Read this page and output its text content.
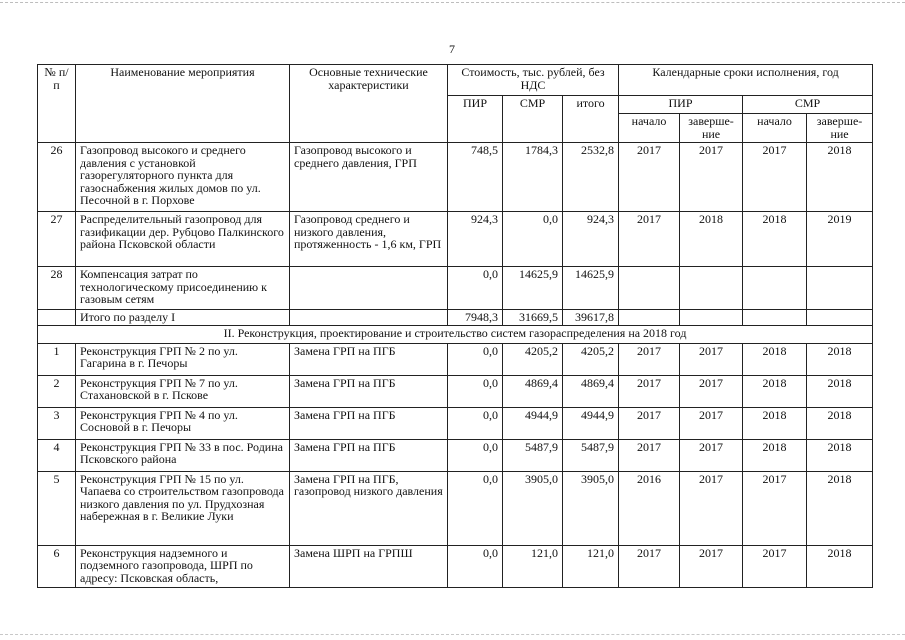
7
№ п/п	Наименование мероприятия	Основные технические характеристики	Стоимость, тыс. рублей, без НДС			Календарные сроки исполнения, год			
			ПИР	СМР	итого	ПИР		СМР	
						начало	заверше-ние	начало	заверше-ние
26	Газопровод высокого и среднего давления с установкой газорегуляторного пункта для газоснабжения жилых домов по ул. Песочной в г. Порхове	Газопровод высокого и среднего давления, ГРП	748,5	1784,3	2532,8	2017	2017	2017	2018
27	Распределительный газопровод для газификации дер. Рубцово Палкинского района Псковской области	Газопровод среднего и низкого давления, протяженность - 1,6 км, ГРП	924,3	0,0	924,3	2017	2018	2018	2019
28	Компенсация затрат по технологическому присоединению к газовым сетям		0,0	14625,9	14625,9				
	Итого по разделу I		7948,3	31669,5	39617,8				
II. Реконструкция, проектирование и строительство систем газораспределения на 2018 год									
1	Реконструкция ГРП № 2 по ул. Гагарина в г. Печоры	Замена ГРП на ПГБ	0,0	4205,2	4205,2	2017	2017	2018	2018
2	Реконструкция ГРП № 7 по ул. Стахановской в г. Пскове	Замена ГРП на ПГБ	0,0	4869,4	4869,4	2017	2017	2018	2018
3	Реконструкция ГРП № 4 по ул. Сосновой в г. Печоры	Замена ГРП на ПГБ	0,0	4944,9	4944,9	2017	2017	2018	2018
4	Реконструкция ГРП № 33 в пос. Родина Псковского района	Замена ГРП на ПГБ	0,0	5487,9	5487,9	2017	2017	2018	2018
5	Реконструкция ГРП № 15 по ул. Чапаева со строительством газопровода низкого давления по ул. Прудхозная набережная в г. Великие Луки	Замена ГРП на ПГБ, газопровод низкого давления	0,0	3905,0	3905,0	2016	2017	2017	2018
6	Реконструкция надземного и подземного газопровода, ШРП по адресу: Псковская область,	Замена ШРП на ГРПШ	0,0	121,0	121,0	2017	2017	2017	2018
